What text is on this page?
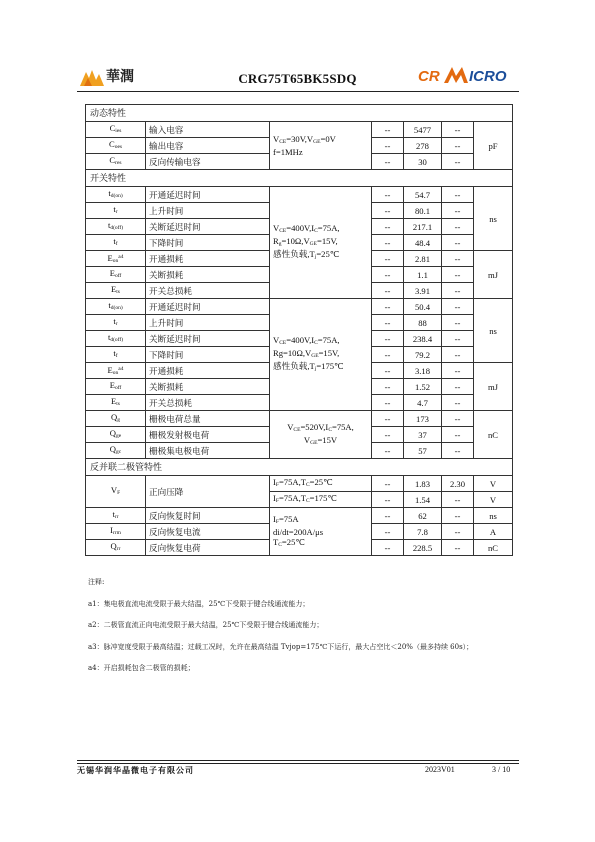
華潤	CRG75T65BK5SDQ	CR ICRO
动态特性						
$C_{ies}$	输入电容	$V_{CE}=30V,V_{GE}=0V$
f=1MHz	--	5477	--	pF
$C_{oes}$	输出电容		--	278	--	
$C_{res}$	反向传输电容		--	30	--	
开关特性						
$t_{d(on)}$	开通延迟时间	$V_{CE}=400V,I_C=75A$,
$R_g=10\Omega,V_{GE}=15V$,
感性负载$,T_j=25℃$	--	54.7	--	ns
$t_r$	上升时间		--	80.1	--	
$t_{d(off)}$	关断延迟时间		--	217.1	--	
$t_f$	下降时间		--	48.4	--	
$E_{on}^{a4}$	开通损耗		--	2.81	--	mJ
$E_{off}$	关断损耗		--	1.1	--	
$E_{ts}$	开关总损耗		--	3.91	--	
$t_{d(on)}$	开通延迟时间	$V_{CE}=400V,I_C=75A$,
$Rg=10\Omega,V_{GE}=15V$,
感性负载$,T_j=175℃$	--	50.4	--	ns
$t_r$	上升时间		--	88	--	
$t_{d(off)}$	关断延迟时间		--	238.4	--	
$t_f$	下降时间		--	79.2	--	
$E_{on}^{a4}$	开通损耗		--	3.18	--	mJ
$E_{off}$	关断损耗		--	1.52	--	
$E_{ts}$	开关总损耗		--	4.7	--	
$Q_g$	栅极电荷总量	$V_{CE}=520V,I_C=75A$,
$V_{GE}=15V$	--	173	--	nC
$Q_{ge}$	栅极发射极电荷		--	37	--	
$Q_{gc}$	栅极集电极电荷		--	57	--	
反并联二极管特性						
$V_F$	正向压降	$I_F=75A,T_C=25℃$	--	1.83	2.30	V
		$I_F=75A,T_C=175℃$	--	1.54	--	V
$t_{rr}$	反向恢复时间	$I_F=75A$
di/dt=200A/μs
$T_C=25℃$	--	62	--	ns
$I_{rrm}$	反向恢复电流		--	7.8	--	A
$Q_{rr}$	反向恢复电荷		--	228.5	--	nC
注释:
a1：集电极直流电流受限于最大结温，25℃下受限于键合线通流能力；
a2：二极管直流正向电流受限于最大结温，25℃下受限于键合线通流能力；
a3：脉冲宽度受限于最高结温；过载工况时，允许在最高结温 Tvjop=175℃下运行，最大占空比＜20%（最多持续 60s）；
a4：开启损耗包含二极管的损耗；
无锡华润华晶微电子有限公司	2023V01	3 / 10
